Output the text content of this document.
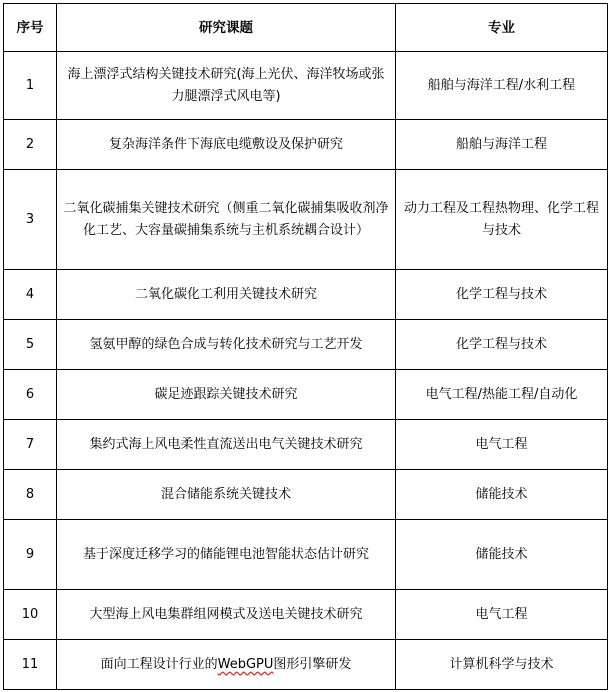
序号	研究课题	专业
1	海上漂浮式结构关键技术研究(海上光伏、海洋牧场或张力腿漂浮式风电等)	船舶与海洋工程/水利工程
2	复杂海洋条件下海底电缆敷设及保护研究	船舶与海洋工程
3	二氧化碳捕集关键技术研究（侧重二氧化碳捕集吸收剂净化工艺、大容量碳捕集系统与主机系统耦合设计）	动力工程及工程热物理、化学工程与技术
4	二氧化碳化工利用关键技术研究	化学工程与技术
5	氢氨甲醇的绿色合成与转化技术研究与工艺开发	化学工程与技术
6	碳足迹跟踪关键技术研究	电气工程/热能工程/自动化
7	集约式海上风电柔性直流送出电气关键技术研究	电气工程
8	混合储能系统关键技术	储能技术
9	基于深度迁移学习的储能锂电池智能状态估计研究	储能技术
10	大型海上风电集群组网模式及送电关键技术研究	电气工程
11	面向工程设计行业的WebGPU图形引擎研发	计算机科学与技术
